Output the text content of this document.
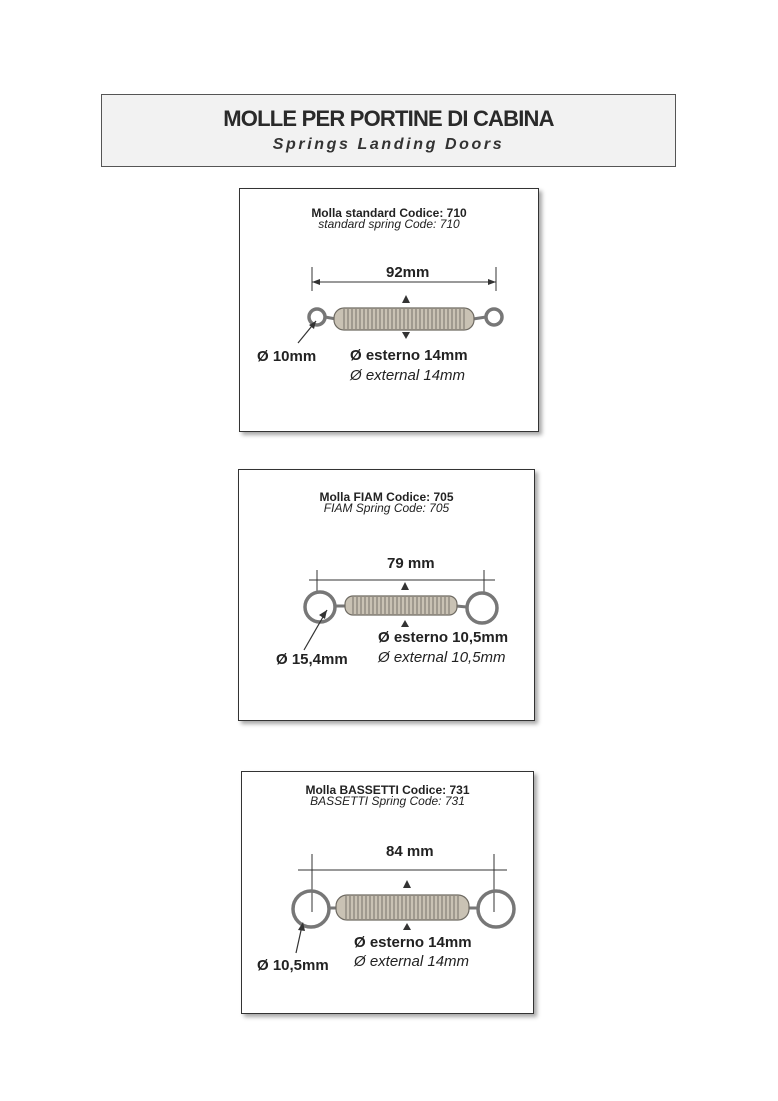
MOLLE PER PORTINE DI CABINA
Springs Landing Doors
Molla standard Codice: 710
standard spring Code: 710
92mm
Ø 10mm Ø esterno 14mm
Ø external 14mm
Molla FIAM Codice: 705
FIAM Spring Code: 705
79 mm
Ø 15,4mm
Ø esterno 10,5mm
Ø external 10,5mm
Molla BASSETTI Codice: 731
BASSETTI Spring Code: 731
84 mm
Ø 10,5mm
Ø esterno 14mm
Ø external 14mm
